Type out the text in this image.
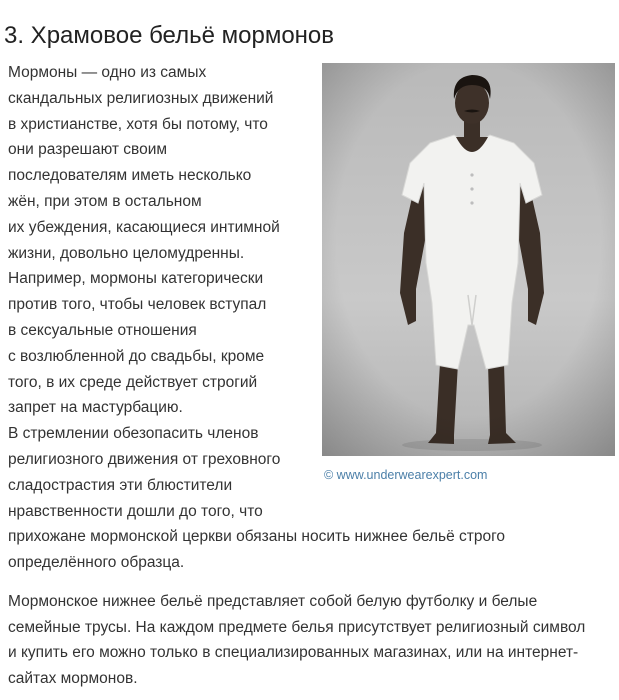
3. Храмовое бельё мормонов
Мормоны — одно из самых
скандальных религиозных движений
в христианстве, хотя бы потому, что
они разрешают своим
последователям иметь несколько
жён, при этом в остальном
их убеждения, касающиеся интимной
жизни, довольно целомудренны.
Например, мормоны категорически
против того, чтобы человек вступал
в сексуальные отношения
с возлюбленной до свадьбы, кроме
того, в их среде действует строгий
запрет на мастурбацию.
В стремлении обезопасить членов
религиозного движения от греховного
сладострастия эти блюстители
нравственности дошли до того, что
прихожане мормонской церкви обязаны носить нижнее бельё строго
определённого образца.
© www.underwearexpert.com
Мормонское нижнее бельё представляет собой белую футболку и белые
семейные трусы. На каждом предмете белья присутствует религиозный символ
и купить его можно только в специализированных магазинах, или на интернет-
сайтах мормонов.
